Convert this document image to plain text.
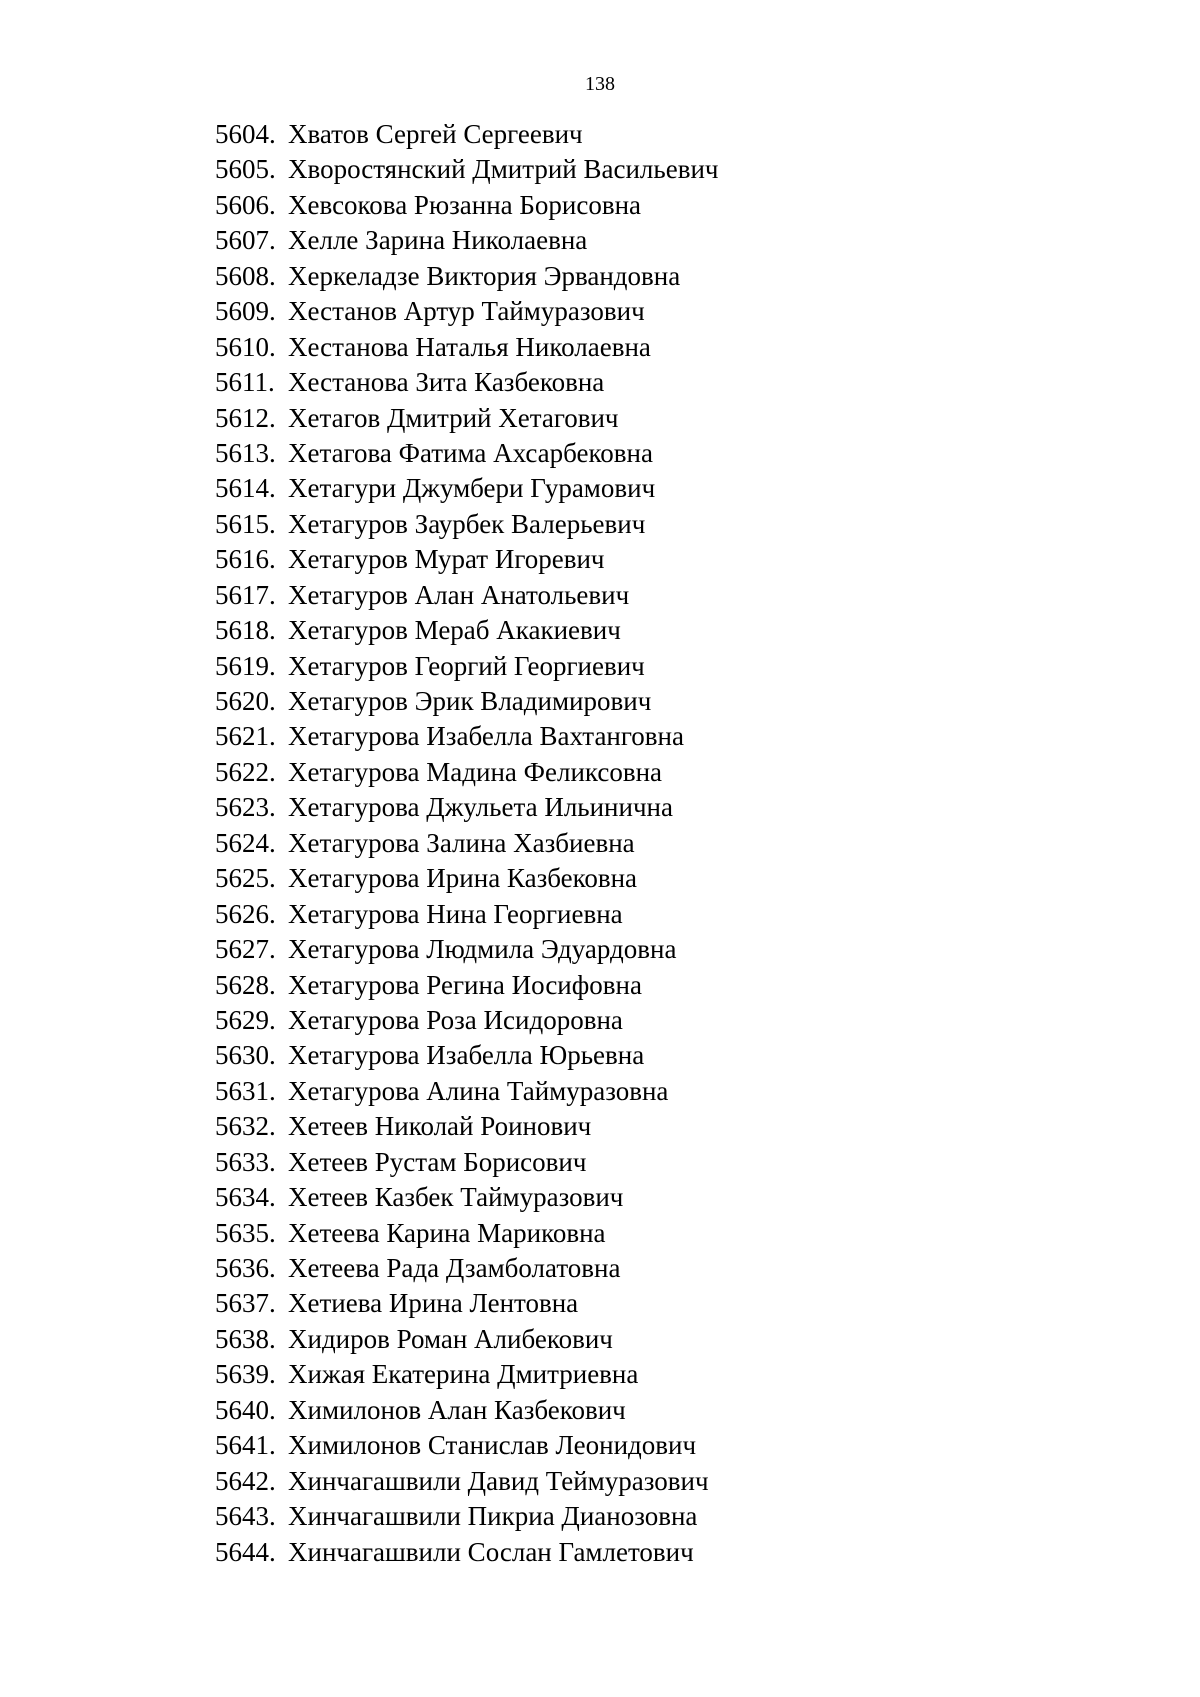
138
5604. Хватов Сергей Сергеевич
5605. Хворостянский Дмитрий Васильевич
5606. Хевсокова Рюзанна Борисовна
5607. Хелле Зарина Николаевна
5608. Херкеладзе Виктория Эрвандовна
5609. Хестанов Артур Таймуразович
5610. Хестанова Наталья Николаевна
5611. Хестанова Зита Казбековна
5612. Хетагов Дмитрий Хетагович
5613. Хетагова Фатима Ахсарбековна
5614. Хетагури Джумбери Гурамович
5615. Хетагуров Заурбек Валерьевич
5616. Хетагуров Мурат Игоревич
5617. Хетагуров Алан Анатольевич
5618. Хетагуров Мераб Акакиевич
5619. Хетагуров Георгий Георгиевич
5620. Хетагуров Эрик Владимирович
5621. Хетагурова Изабелла Вахтанговна
5622. Хетагурова Мадина Феликсовна
5623. Хетагурова Джульета Ильинична
5624. Хетагурова Залина Хазбиевна
5625. Хетагурова Ирина Казбековна
5626. Хетагурова Нина Георгиевна
5627. Хетагурова Людмила Эдуардовна
5628. Хетагурова Регина Иосифовна
5629. Хетагурова Роза Исидоровна
5630. Хетагурова Изабелла Юрьевна
5631. Хетагурова Алина Таймуразовна
5632. Хетеев Николай Роинович
5633. Хетеев Рустам Борисович
5634. Хетеев Казбек Таймуразович
5635. Хетеева Карина Мариковна
5636. Хетеева Рада Дзамболатовна
5637. Хетиева Ирина Лентовна
5638. Хидиров Роман Алибекович
5639. Хижая Екатерина Дмитриевна
5640. Химилонов Алан Казбекович
5641. Химилонов Станислав Леонидович
5642. Хинчагашвили Давид Теймуразович
5643. Хинчагашвили Пикриа Дианозовна
5644. Хинчагашвили Сослан Гамлетович
